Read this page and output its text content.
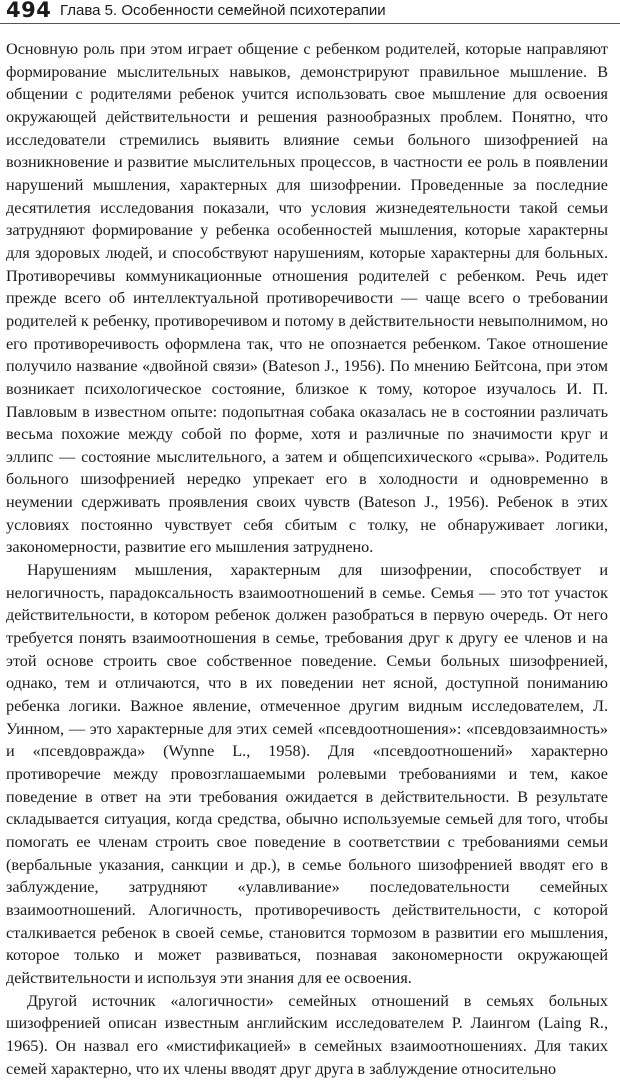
494 Глава 5. Особенности семейной психотерапии

Основную роль при этом играет общение с ребенком родителей, которые направляют формирование мыслительных навыков, демонстрируют правильное мышление. В общении с родителями ребенок учится использовать свое мышление для освоения окружающей действительности и решения разнообразных проблем. Понятно, что исследователи стремились выявить влияние семьи больного шизофренией на возникновение и развитие мыслительных процессов, в частности ее роль в появлении нарушений мышления, характерных для шизофрении. Проведенные за последние десятилетия исследования показали, что условия жизнедеятельности такой семьи затрудняют формирование у ребенка особенностей мышления, которые характерны для здоровых людей, и способствуют нарушениям, которые характерны для больных. Противоречивы коммуникационные отношения родителей с ребенком. Речь идет прежде всего об интеллектуальной противоречивости — чаще всего о требовании родителей к ребенку, противоречивом и потому в действительности невыполнимом, но его противоречивость оформлена так, что не опознается ребенком. Такое отношение получило название «двойной связи» (Bateson J., 1956). По мнению Бейтсона, при этом возникает психологическое состояние, близкое к тому, которое изучалось И. П. Павловым в известном опыте: подопытная собака оказалась не в состоянии различать весьма похожие между собой по форме, хотя и различные по значимости круг и эллипс — состояние мыслительного, а затем и общепсихического «срыва». Родитель больного шизофренией нередко упрекает его в холодности и одновременно в неумении сдерживать проявления своих чувств (Bateson J., 1956). Ребенок в этих условиях постоянно чувствует себя сбитым с толку, не обнаруживает логики, закономерности, развитие его мышления затруднено.

Нарушениям мышления, характерным для шизофрении, способствует и нелогичность, парадоксальность взаимоотношений в семье. Семья — это тот участок действительности, в котором ребенок должен разобраться в первую очередь. От него требуется понять взаимоотношения в семье, требования друг к другу ее членов и на этой основе строить свое собственное поведение. Семьи больных шизофренией, однако, тем и отличаются, что в их поведении нет ясной, доступной пониманию ребенка логики. Важное явление, отмеченное другим видным исследователем, Л. Уинном, — это характерные для этих семей «псевдоотношения»: «псевдовзаимность» и «псевдовражда» (Wynne L., 1958). Для «псевдоотношений» характерно противоречие между провозглашаемыми ролевыми требованиями и тем, какое поведение в ответ на эти требования ожидается в действительности. В результате складывается ситуация, когда средства, обычно используемые семьей для того, чтобы помогать ее членам строить свое поведение в соответствии с требованиями семьи (вербальные указания, санкции и др.), в семье больного шизофренией вводят его в заблуждение, затрудняют «улавливание» последовательности семейных взаимоотношений. Алогичность, противоречивость действительности, с которой сталкивается ребенок в своей семье, становится тормозом в развитии его мышления, которое только и может развиваться, познавая закономерности окружающей действительности и используя эти знания для ее освоения.

Другой источник «алогичности» семейных отношений в семьях больных шизофренией описан известным английским исследователем Р. Лаингом (Laing R., 1965). Он назвал его «мистификацией» в семейных взаимоотношениях. Для таких семей характерно, что их члены вводят друг друга в заблуждение относительно
